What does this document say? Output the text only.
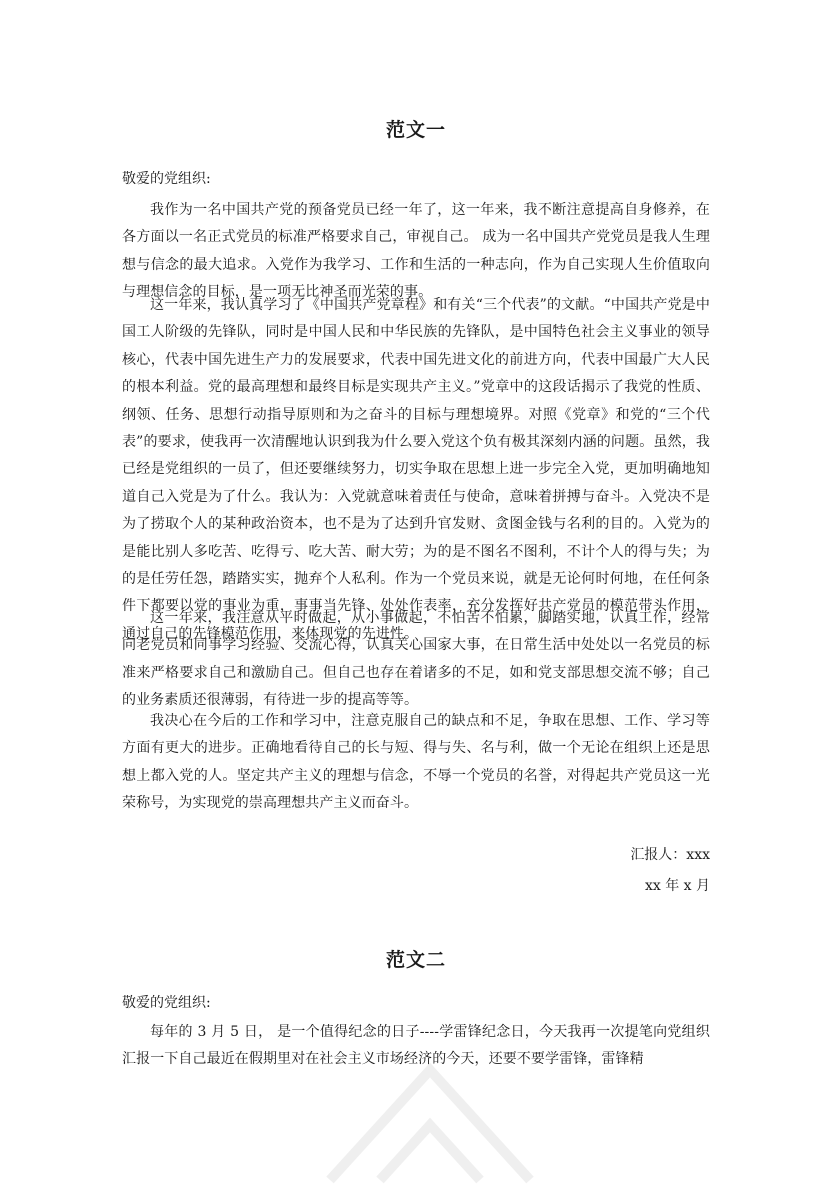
范文一

敬爱的党组织:

我作为一名中国共产党的预备党员已经一年了，这一年来，我不断注意提高自身修养，在各方面以一名正式党员的标准严格要求自己，审视自己。 成为一名中国共产党党员是我人生理想与信念的最大追求。入党作为我学习、工作和生活的一种志向，作为自己实现人生价值取向与理想信念的目标，是一项无比神圣而光荣的事。

这一年来，我认真学习了《中国共产党章程》和有关“三个代表”的文献。“中国共产党是中国工人阶级的先锋队，同时是中国人民和中华民族的先锋队，是中国特色社会主义事业的领导核心，代表中国先进生产力的发展要求，代表中国先进文化的前进方向，代表中国最广大人民的根本利益。党的最高理想和最终目标是实现共产主义。”党章中的这段话揭示了我党的性质、纲领、任务、思想行动指导原则和为之奋斗的目标与理想境界。对照《党章》和党的“三个代表”的要求，使我再一次清醒地认识到我为什么要入党这个负有极其深刻内涵的问题。虽然，我已经是党组织的一员了，但还要继续努力，切实争取在思想上进一步完全入党，更加明确地知道自己入党是为了什么。我认为：入党就意味着责任与使命，意味着拼搏与奋斗。入党决不是为了捞取个人的某种政治资本，也不是为了达到升官发财、贪图金钱与名利的目的。入党为的是能比别人多吃苦、吃得亏、吃大苦、耐大劳；为的是不图名不图利，不计个人的得与失；为的是任劳任怨，踏踏实实，抛弃个人私利。作为一个党员来说，就是无论何时何地，在任何条件下都要以党的事业为重，事事当先锋、处处作表率，充分发挥好共产党员的模范带头作用，通过自己的先锋模范作用，来体现党的先进性。

这一年来，我注意从平时做起，从小事做起，不怕苦不怕累，脚踏实地，认真工作，经常向老党员和同事学习经验、交流心得，认真关心国家大事，在日常生活中处处以一名党员的标准来严格要求自己和激励自己。但自己也存在着诸多的不足，如和党支部思想交流不够；自己的业务素质还很薄弱，有待进一步的提高等等。

我决心在今后的工作和学习中，注意克服自己的缺点和不足，争取在思想、工作、学习等方面有更大的进步。正确地看待自己的长与短、得与失、名与利，做一个无论在组织上还是思想上都入党的人。坚定共产主义的理想与信念，不辱一个党员的名誉，对得起共产党员这一光荣称号，为实现党的崇高理想共产主义而奋斗。

汇报人：xxx

xx 年 x 月

范文二

敬爱的党组织:

每年的 3 月 5 日， 是一个值得纪念的日子----学雷锋纪念日，今天我再一次提笔向党组织汇报一下自己最近在假期里对在社会主义市场经济的今天，还要不要学雷锋，雷锋精
